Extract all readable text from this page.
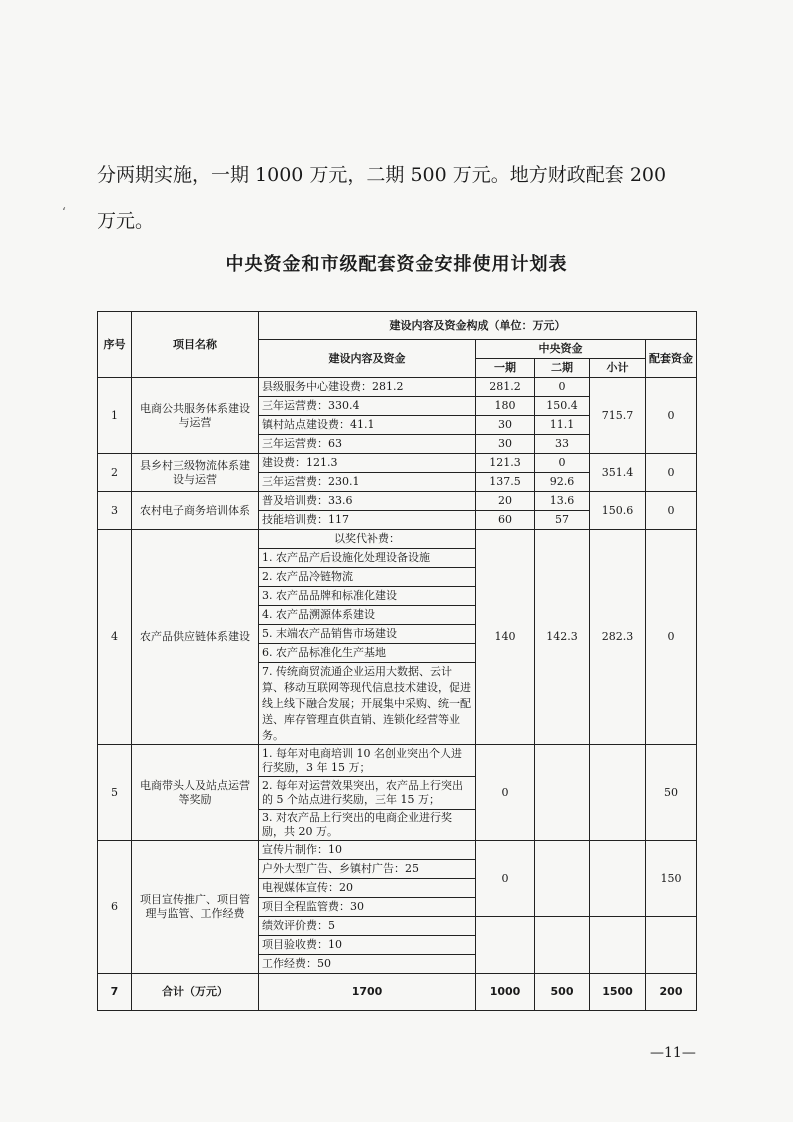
分两期实施，一期 1000 万元，二期 500 万元。地方财政配套 200
万元。
‘
中央资金和市级配套资金安排使用计划表
序号	项目名称	建设内容及资金构成（单位：万元）				
		建设内容及资金	中央资金			配套资金
			一期	二期	小计	
1	电商公共服务体系建设与运营	县级服务中心建设费：281.2	281.2	0	715.7	0
		三年运营费：330.4	180	150.4		
		镇村站点建设费：41.1	30	11.1		
		三年运营费：63	30	33		
2	县乡村三级物流体系建设与运营	建设费：121.3	121.3	0	351.4	0
		三年运营费：230.1	137.5	92.6		
3	农村电子商务培训体系	普及培训费：33.6	20	13.6	150.6	0
		技能培训费：117	60	57		
4	农产品供应链体系建设	以奖代补费：	140	142.3	282.3	0
		1. 农产品产后设施化处理设备设施				
		2. 农产品冷链物流				
		3. 农产品品牌和标准化建设				
		4. 农产品溯源体系建设				
		5. 末端农产品销售市场建设				
		6. 农产品标准化生产基地				
		7. 传统商贸流通企业运用大数据、云计算、移动互联网等现代信息技术建设，促进线上线下融合发展；开展集中采购、统一配送、库存管理直供直销、连锁化经营等业务。				
5	电商带头人及站点运营等奖励	1. 每年对电商培训 10 名创业突出个人进行奖励，3 年 15 万；	0			50
		2. 每年对运营效果突出，农产品上行突出的 5 个站点进行奖励，三年 15 万；				
		3. 对农产品上行突出的电商企业进行奖励，共 20 万。				
6	项目宣传推广、项目管理与监管、工作经费	宣传片制作：10	0			150
		户外大型广告、乡镇村广告：25				
		电视媒体宣传：20				
		项目全程监管费：30				
		绩效评价费：5				
		项目验收费：10				
		工作经费：50				
7	合计（万元）	1700	1000	500	1500	200
—11—
